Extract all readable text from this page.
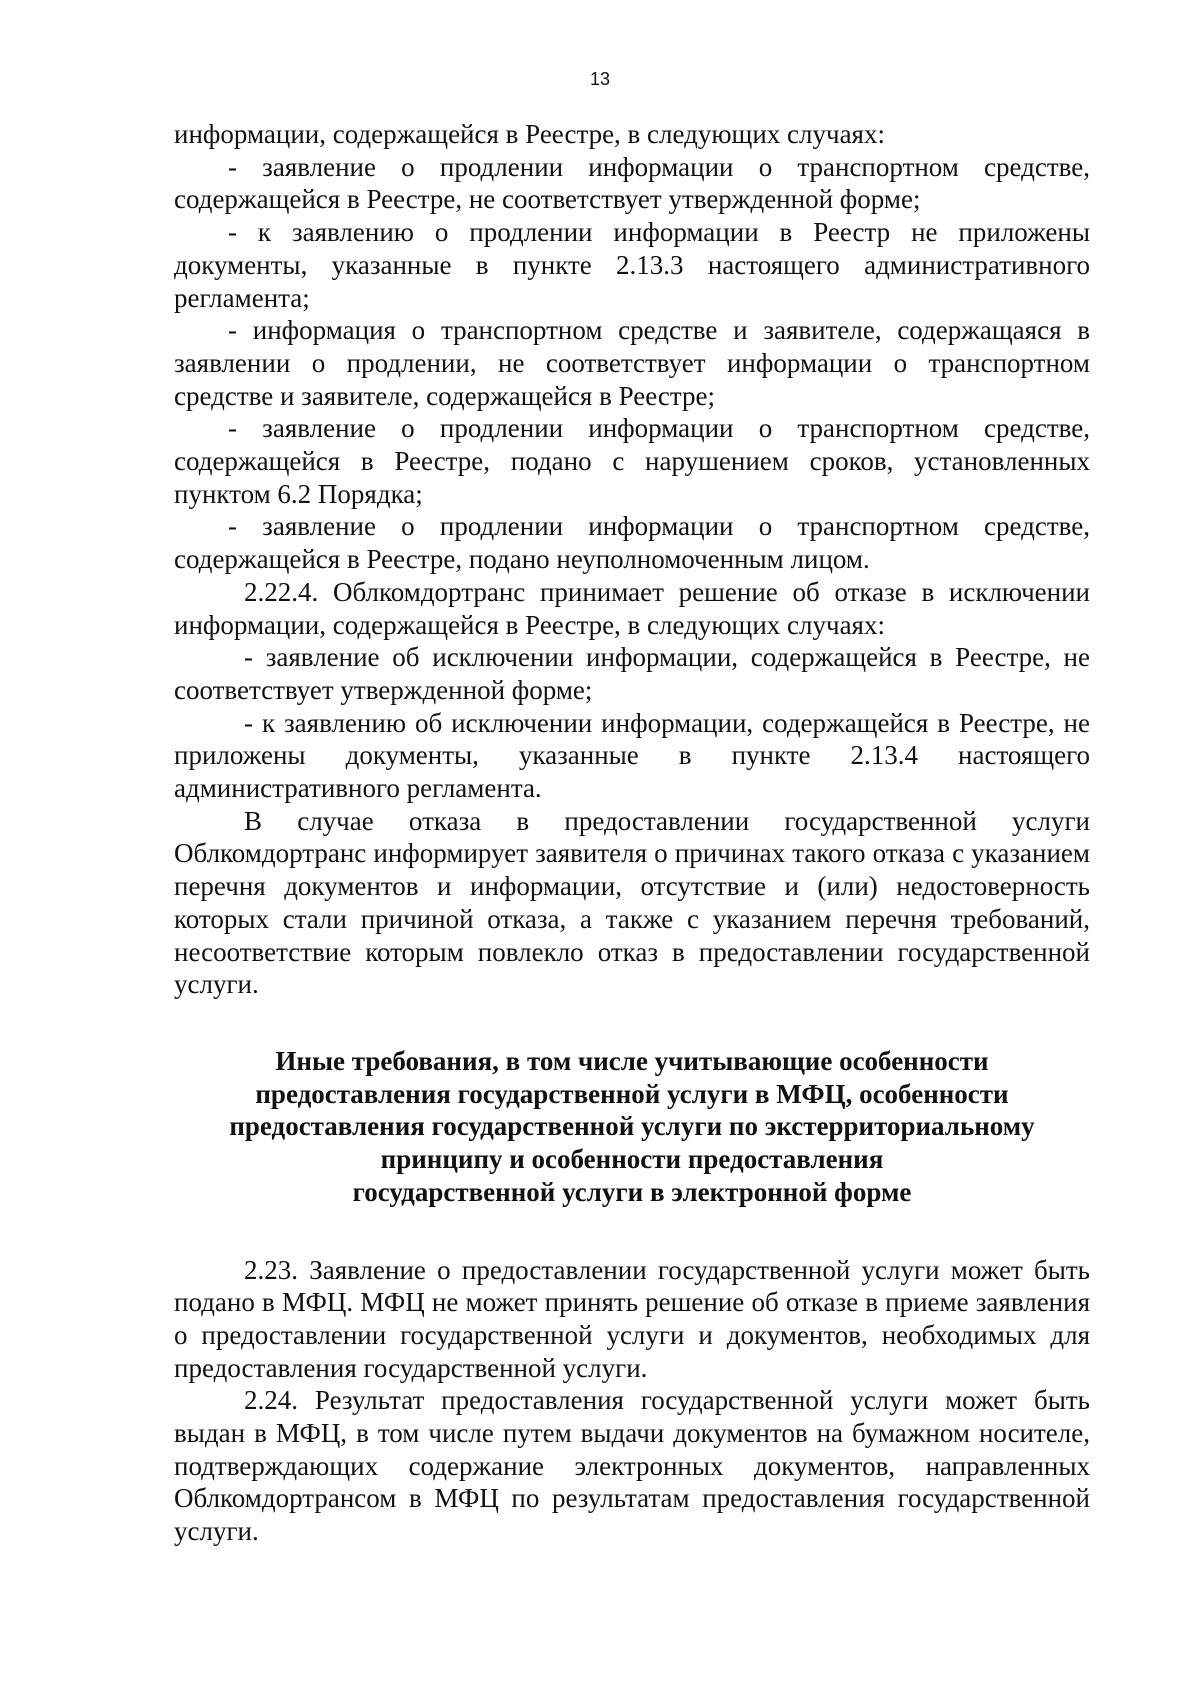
13

информации, содержащейся в Реестре, в следующих случаях:

- заявление о продлении информации о транспортном средстве, содержащейся в Реестре, не соответствует утвержденной форме;

- к заявлению о продлении информации в Реестр не приложены документы, указанные в пункте 2.13.3 настоящего административного регламента;

- информация о транспортном средстве и заявителе, содержащаяся в заявлении о продлении, не соответствует информации о транспортном средстве и заявителе, содержащейся в Реестре;

- заявление о продлении информации о транспортном средстве, содержащейся в Реестре, подано с нарушением сроков, установленных пунктом 6.2 Порядка;

- заявление о продлении информации о транспортном средстве, содержащейся в Реестре, подано неуполномоченным лицом.

2.22.4. Облкомдортранс принимает решение об отказе в исключении информации, содержащейся в Реестре, в следующих случаях:

- заявление об исключении информации, содержащейся в Реестре, не соответствует утвержденной форме;

- к заявлению об исключении информации, содержащейся в Реестре, не приложены документы, указанные в пункте 2.13.4 настоящего административного регламента.

В случае отказа в предоставлении государственной услуги Облкомдортранс информирует заявителя о причинах такого отказа с указанием перечня документов и информации, отсутствие и (или) недостоверность которых стали причиной отказа, а также с указанием перечня требований, несоответствие которым повлекло отказ в предоставлении государственной услуги.

Иные требования, в том числе учитывающие особенности
предоставления государственной услуги в МФЦ, особенности
предоставления государственной услуги по экстерриториальному
принципу и особенности предоставления
государственной услуги в электронной форме

2.23. Заявление о предоставлении государственной услуги может быть подано в МФЦ. МФЦ не может принять решение об отказе в приеме заявления о предоставлении государственной услуги и документов, необходимых для предоставления государственной услуги.

2.24. Результат предоставления государственной услуги может быть выдан в МФЦ, в том числе путем выдачи документов на бумажном носителе, подтверждающих содержание электронных документов, направленных Облкомдортрансом в МФЦ по результатам предоставления государственной услуги.
